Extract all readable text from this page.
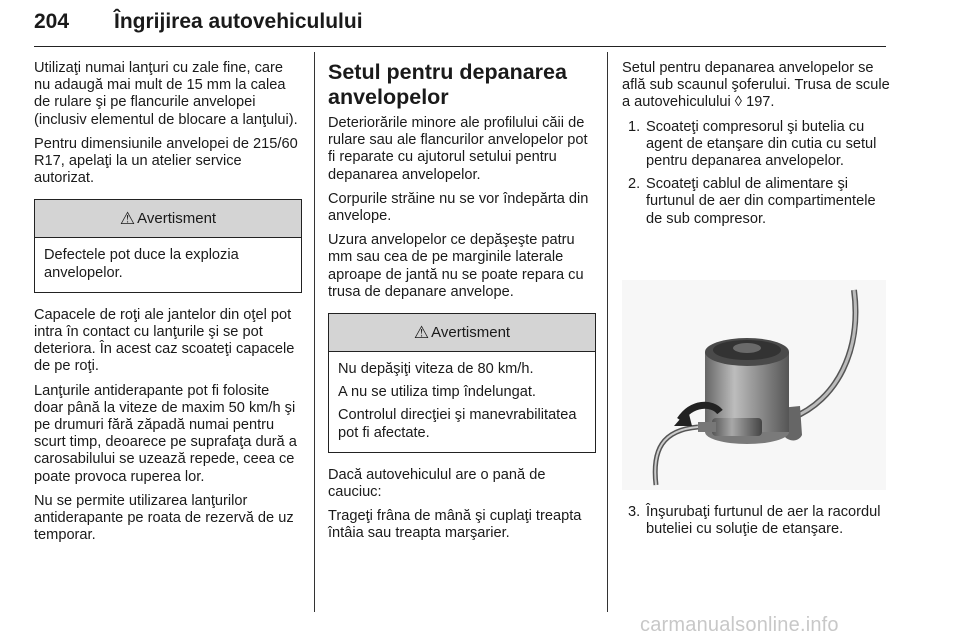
204 Îngrijirea autovehiculului

Utilizaţi numai lanţuri cu zale fine, care nu adaugă mai mult de 15 mm la calea de rulare şi pe flancurile anvelopei (inclusiv elementul de blocare a lanţului).

Pentru dimensiunile anvelopei de 215/60 R17, apelaţi la un atelier service autorizat.

⚠ Avertisment

Defectele pot duce la explozia anvelopelor.

Capacele de roţi ale jantelor din oţel pot intra în contact cu lanţurile şi se pot deteriora. În acest caz scoateţi capacele de pe roţi.

Lanţurile antiderapante pot fi folosite doar până la viteze de maxim 50 km/h şi pe drumuri fără zăpadă numai pentru scurt timp, deoarece pe suprafaţa dură a carosabilului se uzează repede, ceea ce poate provoca ruperea lor.

Nu se permite utilizarea lanţurilor antiderapante pe roata de rezervă de uz temporar.

Setul pentru depanarea anvelopelor

Deteriorările minore ale profilului căii de rulare sau ale flancurilor anvelopelor pot fi reparate cu ajutorul setului pentru depanarea anvelopelor.

Corpurile străine nu se vor îndepărta din anvelope.

Uzura anvelopelor ce depăşeşte patru mm sau cea de pe marginile laterale aproape de jantă nu se poate repara cu trusa de depanare anvelope.

⚠ Avertisment

Nu depăşiţi viteza de 80 km/h.

A nu se utiliza timp îndelungat.

Controlul direcţiei şi manevrabilitatea pot fi afectate.

Dacă autovehiculul are o pană de cauciuc:

Trageţi frâna de mână şi cuplaţi treapta întâia sau treapta marşarier.

Setul pentru depanarea anvelopelor se află sub scaunul şoferului. Trusa de scule a autovehiculului ◊ 197.

1. Scoateţi compresorul şi butelia cu agent de etanşare din cutia cu setul pentru depanarea anvelopelor.
2. Scoateţi cablul de alimentare şi furtunul de aer din compartimentele de sub compresor.
3. Înşurubaţi furtunul de aer la racordul buteliei cu soluţie de etanşare.
carmanualsonline.info
